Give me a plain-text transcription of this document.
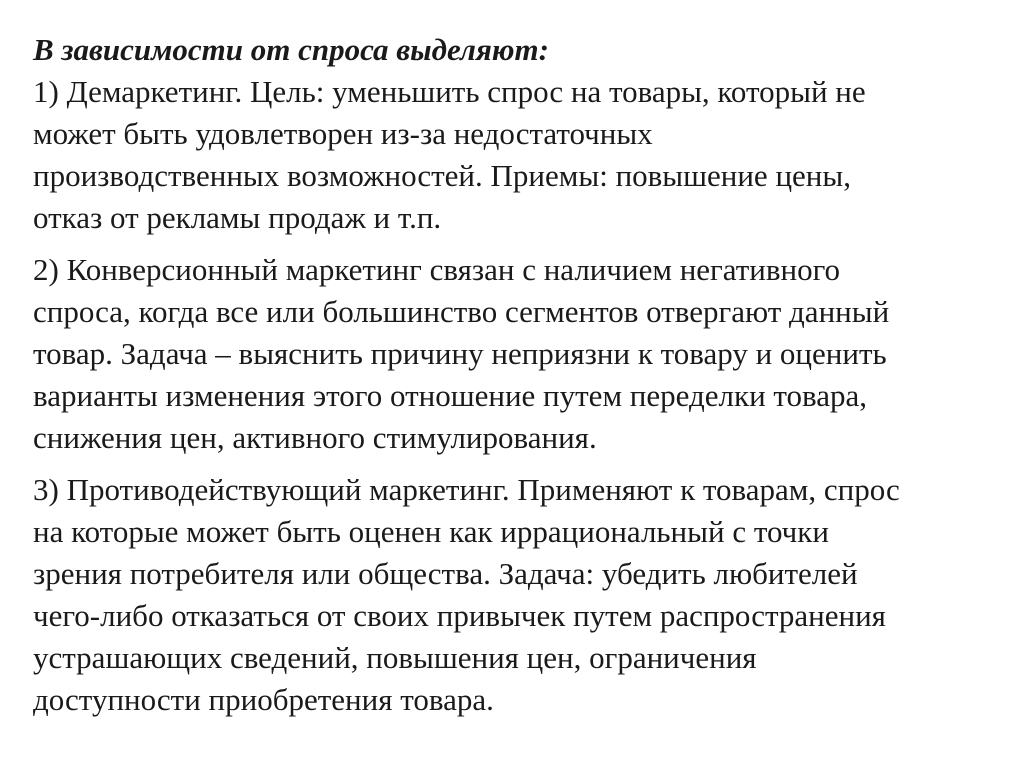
В зависимости от спроса выделяют:

1) Демаркетинг. Цель: уменьшить спрос на товары, который не
может быть удовлетворен из-за недостаточных
производственных возможностей. Приемы: повышение цены,
отказ от рекламы продаж и т.п.
2) Конверсионный маркетинг связан с наличием негативного
спроса, когда все или большинство сегментов отвергают данный
товар. Задача – выяснить причину неприязни к товару и оценить
варианты изменения этого отношение путем переделки товара,
снижения цен, активного стимулирования.
3) Противодействующий маркетинг. Применяют к товарам, спрос
на которые может быть оценен как иррациональный с точки
зрения потребителя или общества. Задача: убедить любителей
чего-либо отказаться от своих привычек путем распространения
устрашающих сведений, повышения цен, ограничения
доступности приобретения товара.
